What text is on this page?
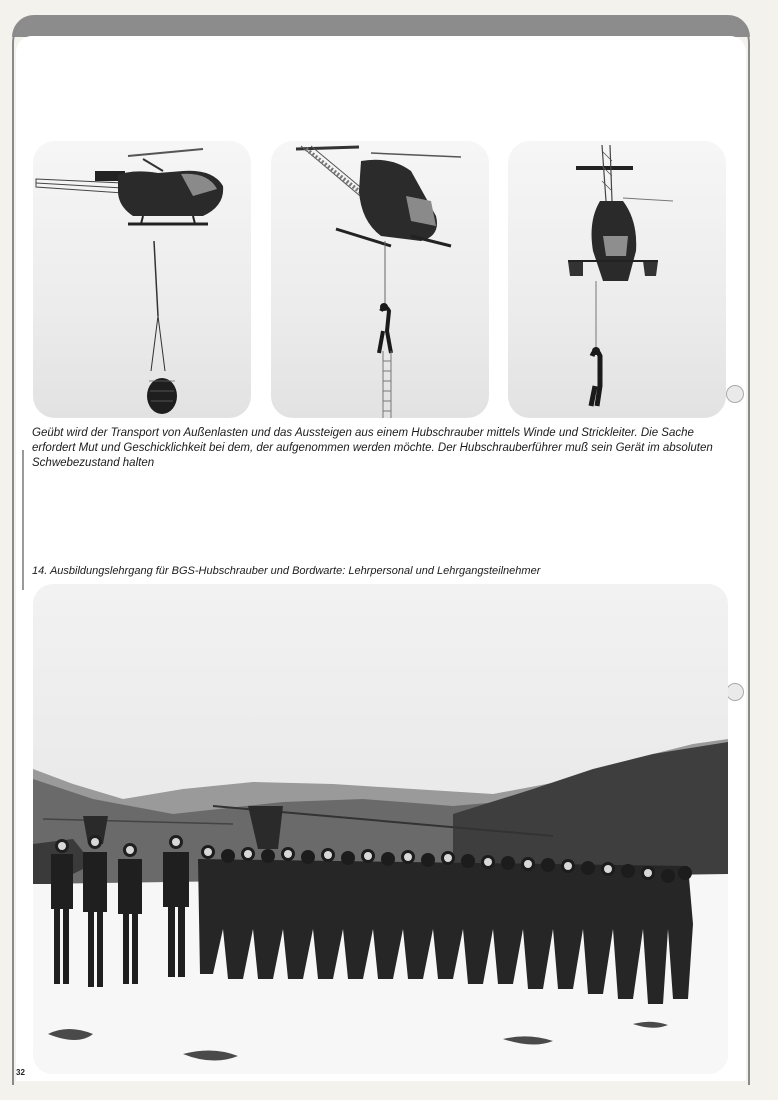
Geübt wird der Transport von Außenlasten und das Aussteigen aus einem Hubschrauber mittels Winde und Strickleiter. Die Sache erfordert Mut und Geschicklichkeit bei dem, der aufgenommen werden möchte. Der Hubschrauberführer muß sein Gerät im absoluten Schwebezustand halten
14. Ausbildungslehrgang für BGS-Hubschrauber und Bordwarte: Lehrpersonal und Lehrgangsteilnehmer
32
